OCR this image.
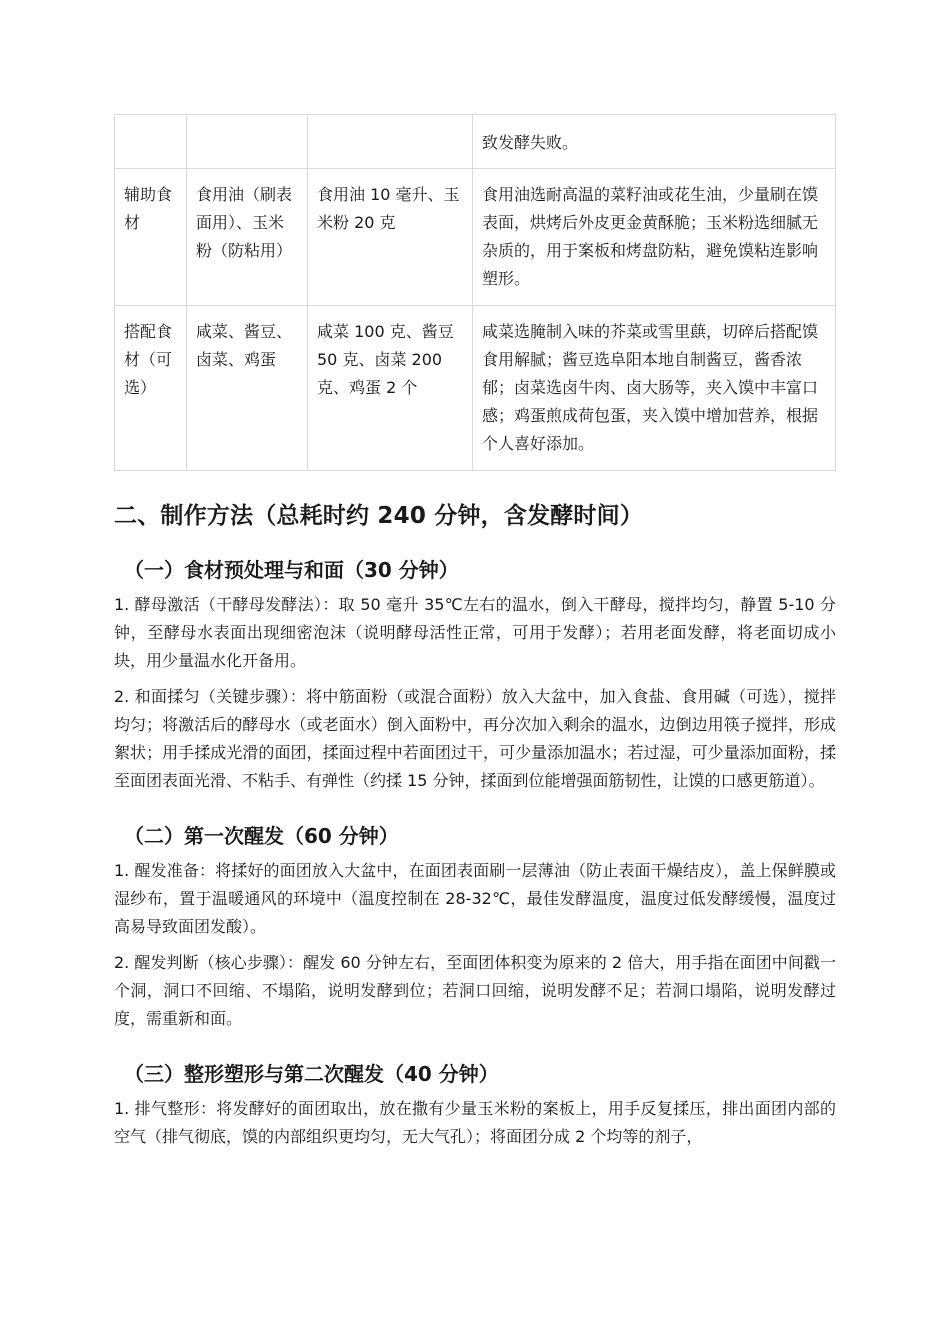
			致发酵失败。
辅助食材	食用油（刷表面用）、玉米粉（防粘用）	食用油 10 毫升、玉米粉 20 克	食用油选耐高温的菜籽油或花生油，少量刷在馍表面，烘烤后外皮更金黄酥脆；玉米粉选细腻无杂质的，用于案板和烤盘防粘，避免馍粘连影响塑形。
搭配食材（可选）	咸菜、酱豆、卤菜、鸡蛋	咸菜 100 克、酱豆 50 克、卤菜 200 克、鸡蛋 2 个	咸菜选腌制入味的芥菜或雪里蕻，切碎后搭配馍食用解腻；酱豆选阜阳本地自制酱豆，酱香浓郁；卤菜选卤牛肉、卤大肠等，夹入馍中丰富口感；鸡蛋煎成荷包蛋，夹入馍中增加营养，根据个人喜好添加。
二、制作方法（总耗时约 240 分钟，含发酵时间）
（一）食材预处理与和面（30 分钟）

1. 酵母激活（干酵母发酵法）：取 50 毫升 35℃左右的温水，倒入干酵母，搅拌均匀，静置 5-10 分钟，至酵母水表面出现细密泡沫（说明酵母活性正常，可用于发酵）；若用老面发酵，将老面切成小块，用少量温水化开备用。

2. 和面揉匀（关键步骤）：将中筋面粉（或混合面粉）放入大盆中，加入食盐、食用碱（可选），搅拌均匀；将激活后的酵母水（或老面水）倒入面粉中，再分次加入剩余的温水，边倒边用筷子搅拌，形成絮状；用手揉成光滑的面团，揉面过程中若面团过干，可少量添加温水；若过湿，可少量添加面粉，揉至面团表面光滑、不粘手、有弹性（约揉 15 分钟，揉面到位能增强面筋韧性，让馍的口感更筋道）。

（二）第一次醒发（60 分钟）

1. 醒发准备：将揉好的面团放入大盆中，在面团表面刷一层薄油（防止表面干燥结皮），盖上保鲜膜或湿纱布，置于温暖通风的环境中（温度控制在 28-32℃，最佳发酵温度，温度过低发酵缓慢，温度过高易导致面团发酸）。

2. 醒发判断（核心步骤）：醒发 60 分钟左右，至面团体积变为原来的 2 倍大，用手指在面团中间戳一个洞，洞口不回缩、不塌陷，说明发酵到位；若洞口回缩，说明发酵不足；若洞口塌陷，说明发酵过度，需重新和面。

（三）整形塑形与第二次醒发（40 分钟）

1. 排气整形：将发酵好的面团取出，放在撒有少量玉米粉的案板上，用手反复揉压，排出面团内部的空气（排气彻底，馍的内部组织更均匀，无大气孔）；将面团分成 2 个均等的剂子，
